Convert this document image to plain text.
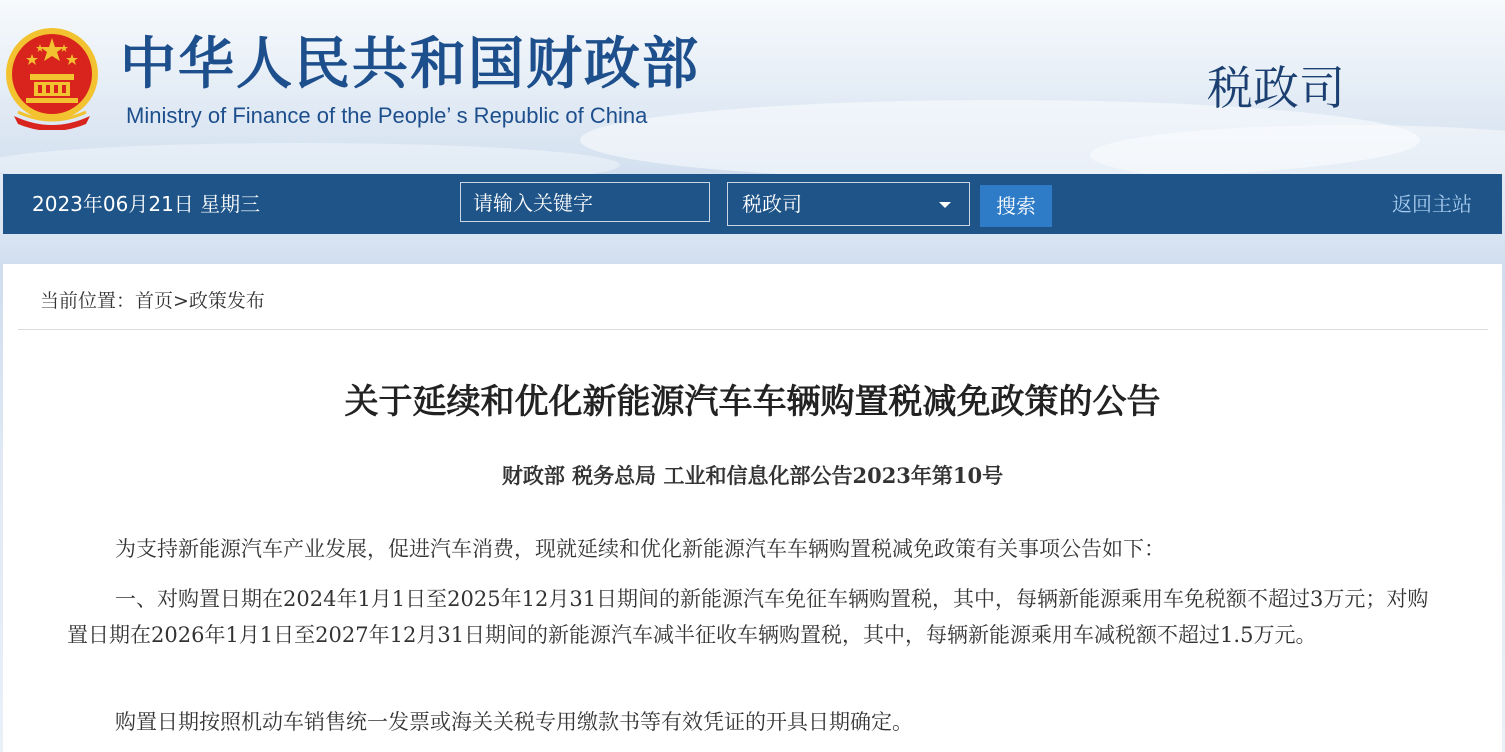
中华人民共和国财政部
Ministry of Finance of the People’ s Republic of China
税政司
2023年06月21日 星期三	请输入关键字	税政司	搜索	返回主站
当前位置：首页>政策发布
关于延续和优化新能源汽车车辆购置税减免政策的公告
财政部 税务总局 工业和信息化部公告2023年第10号
为支持新能源汽车产业发展，促进汽车消费，现就延续和优化新能源汽车车辆购置税减免政策有关事项公告如下：
一、对购置日期在2024年1月1日至2025年12月31日期间的新能源汽车免征车辆购置税，其中，每辆新能源乘用车免税额不超过3万元；对购置日期在2026年1月1日至2027年12月31日期间的新能源汽车减半征收车辆购置税，其中，每辆新能源乘用车减税额不超过1.5万元。
购置日期按照机动车销售统一发票或海关关税专用缴款书等有效凭证的开具日期确定。
